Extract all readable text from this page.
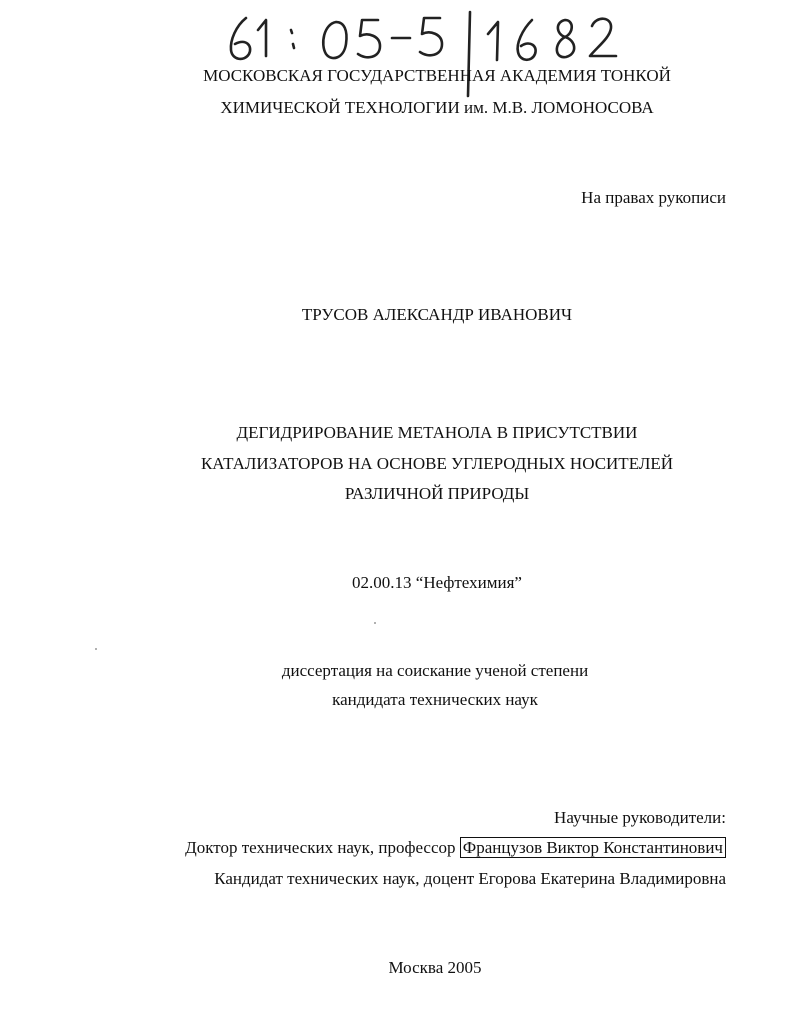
МОСКОВСКАЯ ГОСУДАРСТВЕННАЯ АКАДЕМИЯ ТОНКОЙ
ХИМИЧЕСКОЙ ТЕХНОЛОГИИ им. М.В. ЛОМОНОСОВА
На правах рукописи
ТРУСОВ АЛЕКСАНДР ИВАНОВИЧ
ДЕГИДРИРОВАНИЕ МЕТАНОЛА В ПРИСУТСТВИИ
КАТАЛИЗАТОРОВ НА ОСНОВЕ УГЛЕРОДНЫХ НОСИТЕЛЕЙ
РАЗЛИЧНОЙ ПРИРОДЫ
02.00.13 “Нефтехимия”
диссертация на соискание ученой степени
кандидата технических наук
Научные руководители:
Доктор технических наук, профессор Французов Виктор Константинович
Кандидат технических наук, доцент Егорова Екатерина Владимировна
Москва 2005
